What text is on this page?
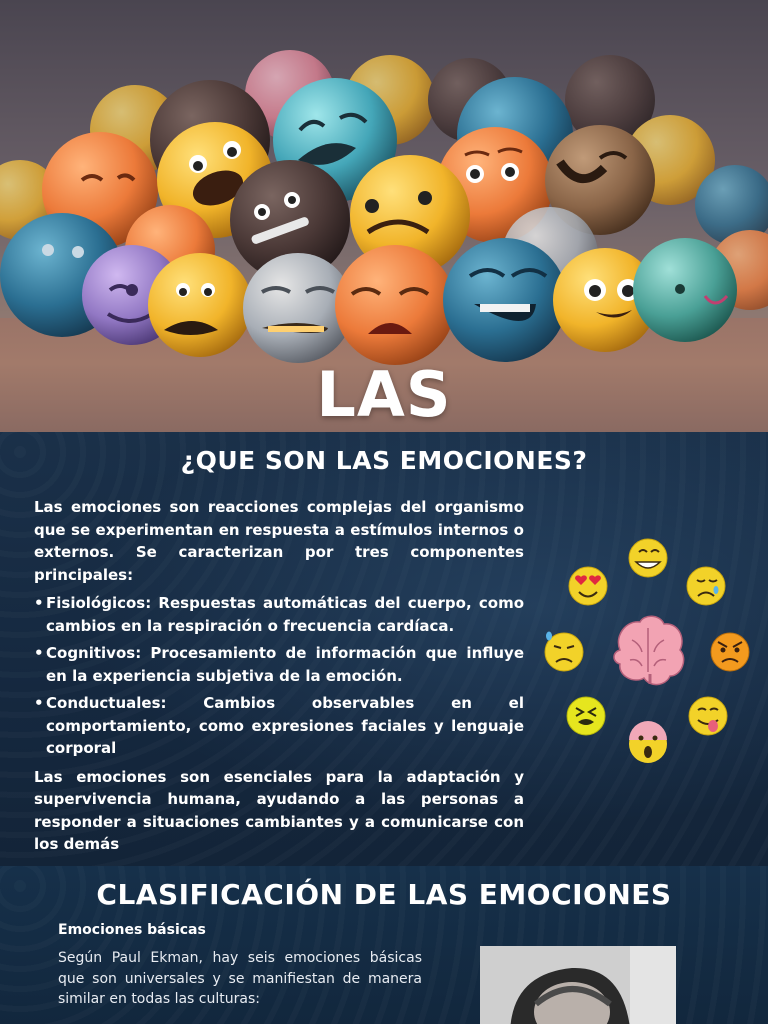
LAS
¿QUE SON LAS EMOCIONES?

Las emociones son reacciones complejas del organismo que se experimentan en respuesta a estímulos internos o externos. Se caracterizan por tres componentes principales:

• Fisiológicos: Respuestas automáticas del cuerpo, como cambios en la respiración o frecuencia cardíaca.
• Cognitivos: Procesamiento de información que influye en la experiencia subjetiva de la emoción.
• Conductuales: Cambios observables en el comportamiento, como expresiones faciales y lenguaje corporal

Las emociones son esenciales para la adaptación y supervivencia humana, ayudando a las personas a responder a situaciones cambiantes y a comunicarse con los demás

CLASIFICACIÓN DE LAS EMOCIONES
Emociones básicas
Según Paul Ekman, hay seis emociones básicas que son universales y se manifiestan de manera similar en todas las culturas:
